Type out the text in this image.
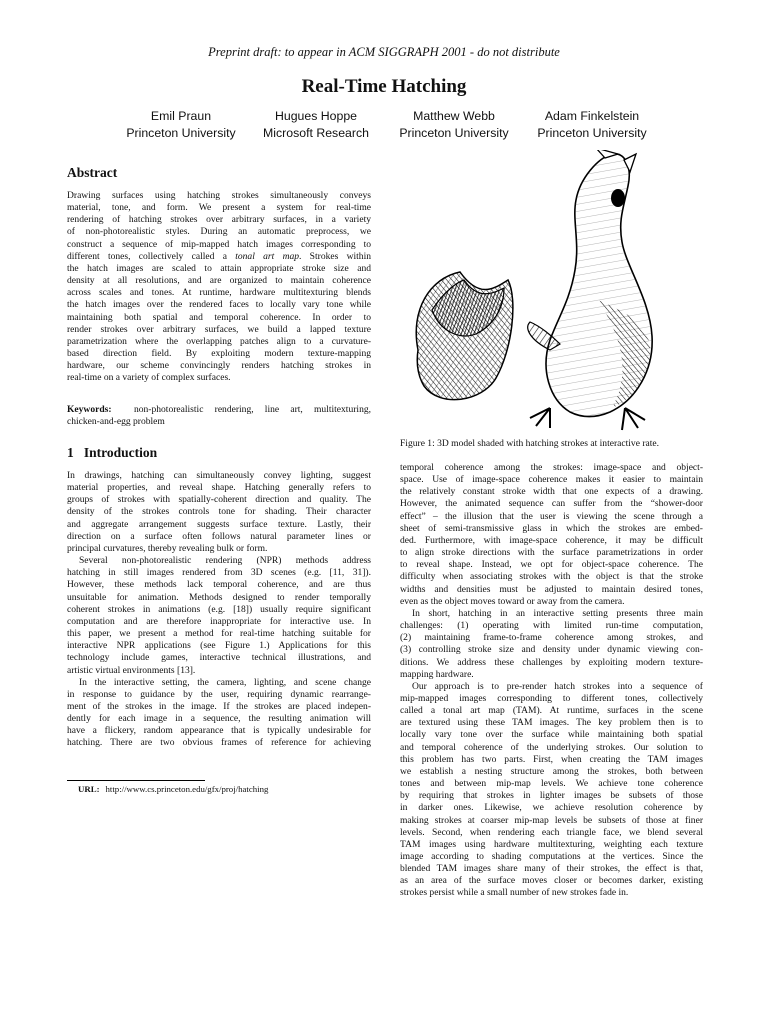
Preprint draft: to appear in ACM SIGGRAPH 2001 - do not distribute
Real-Time Hatching
Emil Praun
Princeton University
Hugues Hoppe
Microsoft Research
Matthew Webb
Princeton University
Adam Finkelstein
Princeton University
Abstract

Drawing surfaces using hatching strokes simultaneously conveys

material, tone, and form. We present a system for real-time

rendering of hatching strokes over arbitrary surfaces, in a variety

of non-photorealistic styles. During an automatic preprocess, we

construct a sequence of mip-mapped hatch images corresponding to

different tones, collectively called a tonal art map. Strokes within

the hatch images are scaled to attain appropriate stroke size and

density at all resolutions, and are organized to maintain coherence

across scales and tones. At runtime, hardware multitexturing blends

the hatch images over the rendered faces to locally vary tone while

maintaining both spatial and temporal coherence. In order to

render strokes over arbitrary surfaces, we build a lapped texture

parametrization where the overlapping patches align to a curvature-

based direction field. By exploiting modern texture-mapping

hardware, our scheme convincingly renders hatching strokes in

real-time on a variety of complex surfaces.

Keywords: non-photorealistic rendering, line art, multitexturing,

chicken-and-egg problem

1 Introduction

In drawings, hatching can simultaneously convey lighting, suggest

material properties, and reveal shape. Hatching generally refers to

groups of strokes with spatially-coherent direction and quality. The

density of the strokes controls tone for shading. Their character

and aggregate arrangement suggests surface texture. Lastly, their

direction on a surface often follows natural parameter lines or

principal curvatures, thereby revealing bulk or form.

Several non-photorealistic rendering (NPR) methods address

hatching in still images rendered from 3D scenes (e.g. [11, 31]).

However, these methods lack temporal coherence, and are thus

unsuitable for animation. Methods designed to render temporally

coherent strokes in animations (e.g. [18]) usually require significant

computation and are therefore inappropriate for interactive use. In

this paper, we present a method for real-time hatching suitable for

interactive NPR applications (see Figure 1.) Applications for this

technology include games, interactive technical illustrations, and

artistic virtual environments [13].

In the interactive setting, the camera, lighting, and scene change

in response to guidance by the user, requiring dynamic rearrange-

ment of the strokes in the image. If the strokes are placed indepen-

dently for each image in a sequence, the resulting animation will

have a flickery, random appearance that is typically undesirable for

hatching. There are two obvious frames of reference for achieving

URL: http://www.cs.princeton.edu/gfx/proj/hatching
Figure 1: 3D model shaded with hatching strokes at interactive rate.

temporal coherence among the strokes: image-space and object-

space. Use of image-space coherence makes it easier to maintain

the relatively constant stroke width that one expects of a drawing.

However, the animated sequence can suffer from the “shower-door

effect” – the illusion that the user is viewing the scene through a

sheet of semi-transmissive glass in which the strokes are embed-

ded. Furthermore, with image-space coherence, it may be difficult

to align stroke directions with the surface parametrizations in order

to reveal shape. Instead, we opt for object-space coherence. The

difficulty when associating strokes with the object is that the stroke

widths and densities must be adjusted to maintain desired tones,

even as the object moves toward or away from the camera.

In short, hatching in an interactive setting presents three main

challenges: (1) operating with limited run-time computation,

(2) maintaining frame-to-frame coherence among strokes, and

(3) controlling stroke size and density under dynamic viewing con-

ditions. We address these challenges by exploiting modern texture-

mapping hardware.

Our approach is to pre-render hatch strokes into a sequence of

mip-mapped images corresponding to different tones, collectively

called a tonal art map (TAM). At runtime, surfaces in the scene

are textured using these TAM images. The key problem then is to

locally vary tone over the surface while maintaining both spatial

and temporal coherence of the underlying strokes. Our solution to

this problem has two parts. First, when creating the TAM images

we establish a nesting structure among the strokes, both between

tones and between mip-map levels. We achieve tone coherence

by requiring that strokes in lighter images be subsets of those

in darker ones. Likewise, we achieve resolution coherence by

making strokes at coarser mip-map levels be subsets of those at finer

levels. Second, when rendering each triangle face, we blend several

TAM images using hardware multitexturing, weighting each texture

image according to shading computations at the vertices. Since the

blended TAM images share many of their strokes, the effect is that,

as an area of the surface moves closer or becomes darker, existing

strokes persist while a small number of new strokes fade in.
